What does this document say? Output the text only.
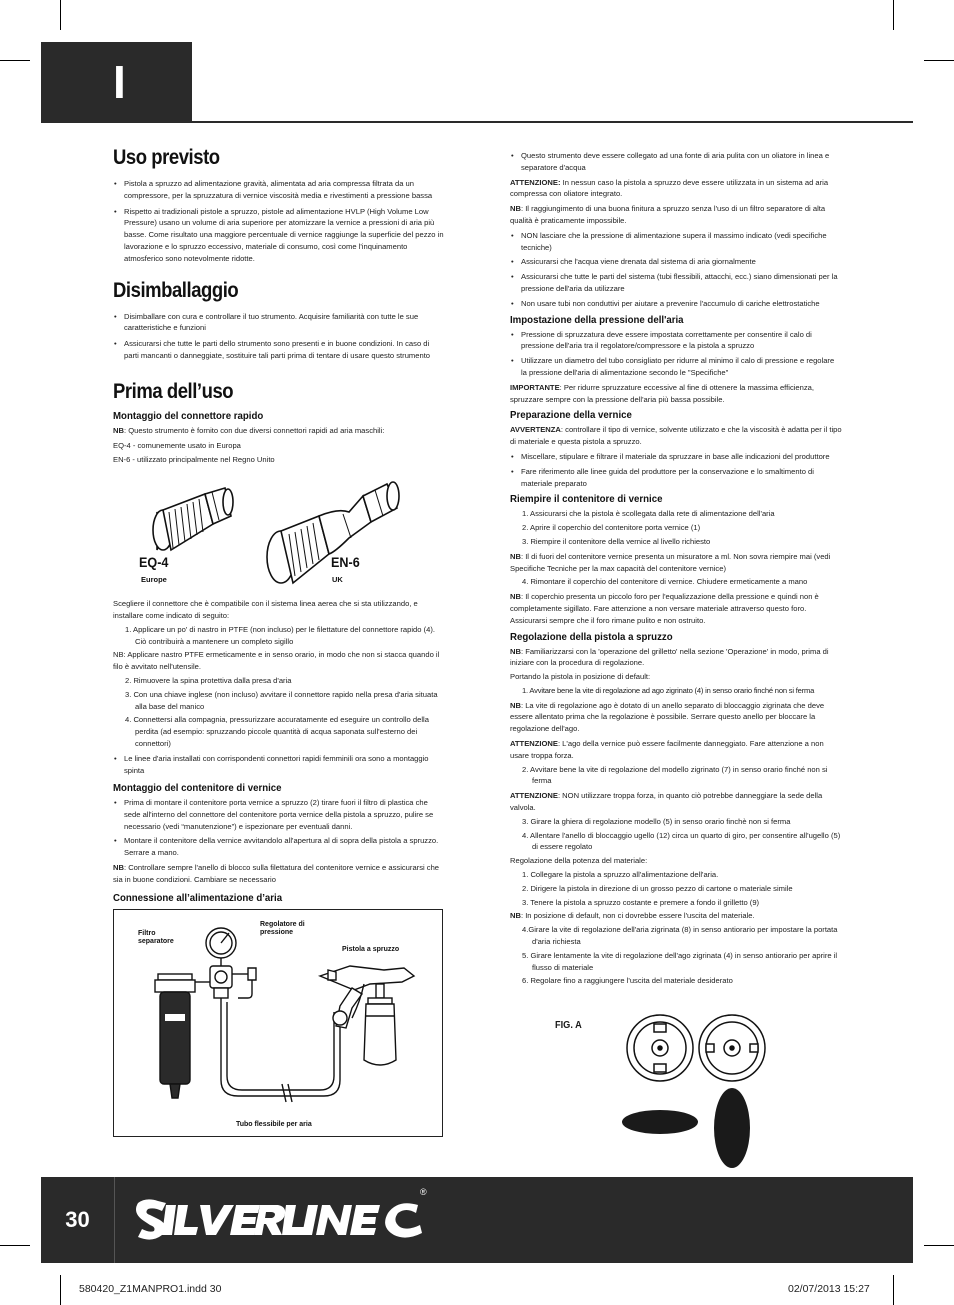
I
Uso previsto
• Pistola a spruzzo ad alimentazione gravità, alimentata ad aria compressa filtrata da un compressore, per la spruzzatura di vernice viscosità media e rivestimenti a pressione bassa
• Rispetto ai tradizionali pistole a spruzzo, pistole ad alimentazione HVLP (High Volume Low Pressure) usano un volume di aria superiore per atomizzare la vernice a pressioni di aria più basse. Come risultato una maggiore percentuale di vernice raggiunge la superficie del pezzo in lavorazione e lo spruzzo eccessivo, materiale di consumo, così come l'inquinamento atmosferico sono notevolmente ridotte.
Disimballaggio
• Disimballare con cura e controllare il tuo strumento. Acquisire familiarità con tutte le sue caratteristiche e funzioni
• Assicurarsi che tutte le parti dello strumento sono presenti e in buone condizioni. In caso di parti mancanti o danneggiate, sostituire tali parti prima di tentare di usare questo strumento
Prima dell’uso
Montaggio del connettore rapido
NB: Questo strumento è fornito con due diversi connettori rapidi ad aria maschili:
EQ-4 - comunemente usato in Europa
EN-6 - utilizzato principalmente nel Regno Unito
EQ-4
Europe
EN-6
UK
Scegliere il connettore che è compatibile con il sistema linea aerea che si sta utilizzando, e installare come indicato di seguito:
1. Applicare un po' di nastro in PTFE (non incluso) per le filettature del connettore rapido (4). Ciò contribuirà a mantenere un completo sigillo
NB: Applicare nastro PTFE ermeticamente e in senso orario, in modo che non si stacca quando il filo è avvitato nell'utensile.
2. Rimuovere la spina protettiva dalla presa d'aria
3. Con una chiave inglese (non incluso) avvitare il connettore rapido nella presa d'aria situata alla base del manico
4. Connettersi alla compagnia, pressurizzare accuratamente ed eseguire un controllo della perdita (ad esempio: spruzzando piccole quantità di acqua saponata sull'esterno dei connettori)
• Le linee d'aria installati con corrispondenti connettori rapidi femminili ora sono a montaggio spinta
Montaggio del contenitore di vernice
• Prima di montare il contenitore porta vernice a spruzzo (2) tirare fuori il filtro di plastica che sede all'interno del connettore del contenitore porta vernice della pistola a spruzzo, pulire se necessario (vedi “manutenzione”) e ispezionare per eventuali danni.
• Montare il contenitore della vernice avvitandolo all'apertura al di sopra della pistola a spruzzo. Serrare a mano.
NB: Controllare sempre l'anello di blocco sulla filettatura del contenitore vernice e assicurarsi che sia in buone condizioni. Cambiare se necessario
Connessione all’alimentazione d’aria
Filtro separatore
Regolatore di pressione
Pistola a spruzzo
Tubo flessibile per aria
• Questo strumento deve essere collegato ad una fonte di aria pulita con un oliatore in linea e separatore d'acqua
ATTENZIONE: In nessun caso la pistola a spruzzo deve essere utilizzata in un sistema ad aria compressa con oliatore integrato.
NB: Il raggiungimento di una buona finitura a spruzzo senza l'uso di un filtro separatore di alta qualità è praticamente impossibile.
• NON lasciare che la pressione di alimentazione supera il massimo indicato (vedi specifiche tecniche)
• Assicurarsi che l'acqua viene drenata dal sistema di aria giornalmente
• Assicurarsi che tutte le parti del sistema (tubi flessibili, attacchi, ecc.) siano dimensionati per la pressione dell'aria da utilizzare
• Non usare tubi non conduttivi per aiutare a prevenire l'accumulo di cariche elettrostatiche
Impostazione della pressione dell'aria
• Pressione di spruzzatura deve essere impostata correttamente per consentire il calo di pressione dell'aria tra il regolatore/compressore e la pistola a spruzzo
• Utilizzare un diametro del tubo consigliato per ridurre al minimo il calo di pressione e regolare la pressione dell'aria di alimentazione secondo le "Specifiche"
IMPORTANTE: Per ridurre spruzzature eccessive al fine di ottenere la massima efficienza, spruzzare sempre con la pressione dell'aria più bassa possibile.
Preparazione della vernice
AVVERTENZA: controllare il tipo di vernice, solvente utilizzato e che la viscosità è adatta per il tipo di materiale e questa pistola a spruzzo.
• Miscellare, stipulare e filtrare il materiale da spruzzare in base alle indicazioni del produttore
• Fare riferimento alle linee guida del produttore per la conservazione e lo smaltimento di materiale preparato
Riempire il contenitore di vernice
1. Assicurarsi che la pistola è scollegata dalla rete di alimentazione dell'aria
2. Aprire il coperchio del contenitore porta vernice (1)
3. Riempire il contenitore della vernice al livello richiesto
NB: Il di fuori del contenitore vernice presenta un misuratore a ml. Non sovra riempire mai (vedi Specifiche Tecniche per la max capacità del contenitore vernice)
4. Rimontare il coperchio del contenitore di vernice. Chiudere ermeticamente a mano
NB: Il coperchio presenta un piccolo foro per l'equalizzazione della pressione e quindi non è completamente sigillato. Fare attenzione a non versare materiale attraverso questo foro. Assicurarsi sempre che il foro rimane pulito e non ostruito.
Regolazione della pistola a spruzzo
NB: Familiarizzarsi con la 'operazione del grilletto' nella sezione 'Operazione' in modo, prima di iniziare con la procedura di regolazione.
Portando la pistola in posizione di default:
1. Avvitare bene la vite di regolazione ad ago zigrinato (4) in senso orario finché non si ferma
NB: La vite di regolazione ago è dotato di un anello separato di bloccaggio zigrinata che deve essere allentato prima che la regolazione è possibile. Serrare questo anello per bloccare la regolazione dell'ago.
ATTENZIONE: L'ago della vernice può essere facilmente danneggiato. Fare attenzione a non usare troppa forza.
2. Avvitare bene la vite di regolazione del modello zigrinato (7) in senso orario finché non si ferma
ATTENZIONE: NON utilizzare troppa forza, in quanto ciò potrebbe danneggiare la sede della valvola.
3. Girare la ghiera di regolazione modello (5) in senso orario finchè non si ferma
4. Allentare l'anello di bloccaggio ugello (12) circa un quarto di giro, per consentire all'ugello (5) di essere regolato
Regolazione della potenza del materiale:
1. Collegare la pistola a spruzzo all'alimentazione dell'aria.
2. Dirigere la pistola in direzione di un grosso pezzo di cartone o materiale simile
3. Tenere la pistola a spruzzo costante e premere a fondo il grilletto (9)
NB: In posizione di default, non ci dovrebbe essere l'uscita del materiale.
4.Girare la vite di regolazione dell'aria zigrinata (8) in senso antiorario per impostare la portata d'aria richiesta
5. Girare lentamente la vite di regolazione dell'ago zigrinata (4) in senso antiorario per aprire il flusso di materiale
6. Regolare fino a raggiungere l'uscita del materiale desiderato
FIG. A
30
®
580420_Z1MANPRO1.indd 30	02/07/2013 15:27
